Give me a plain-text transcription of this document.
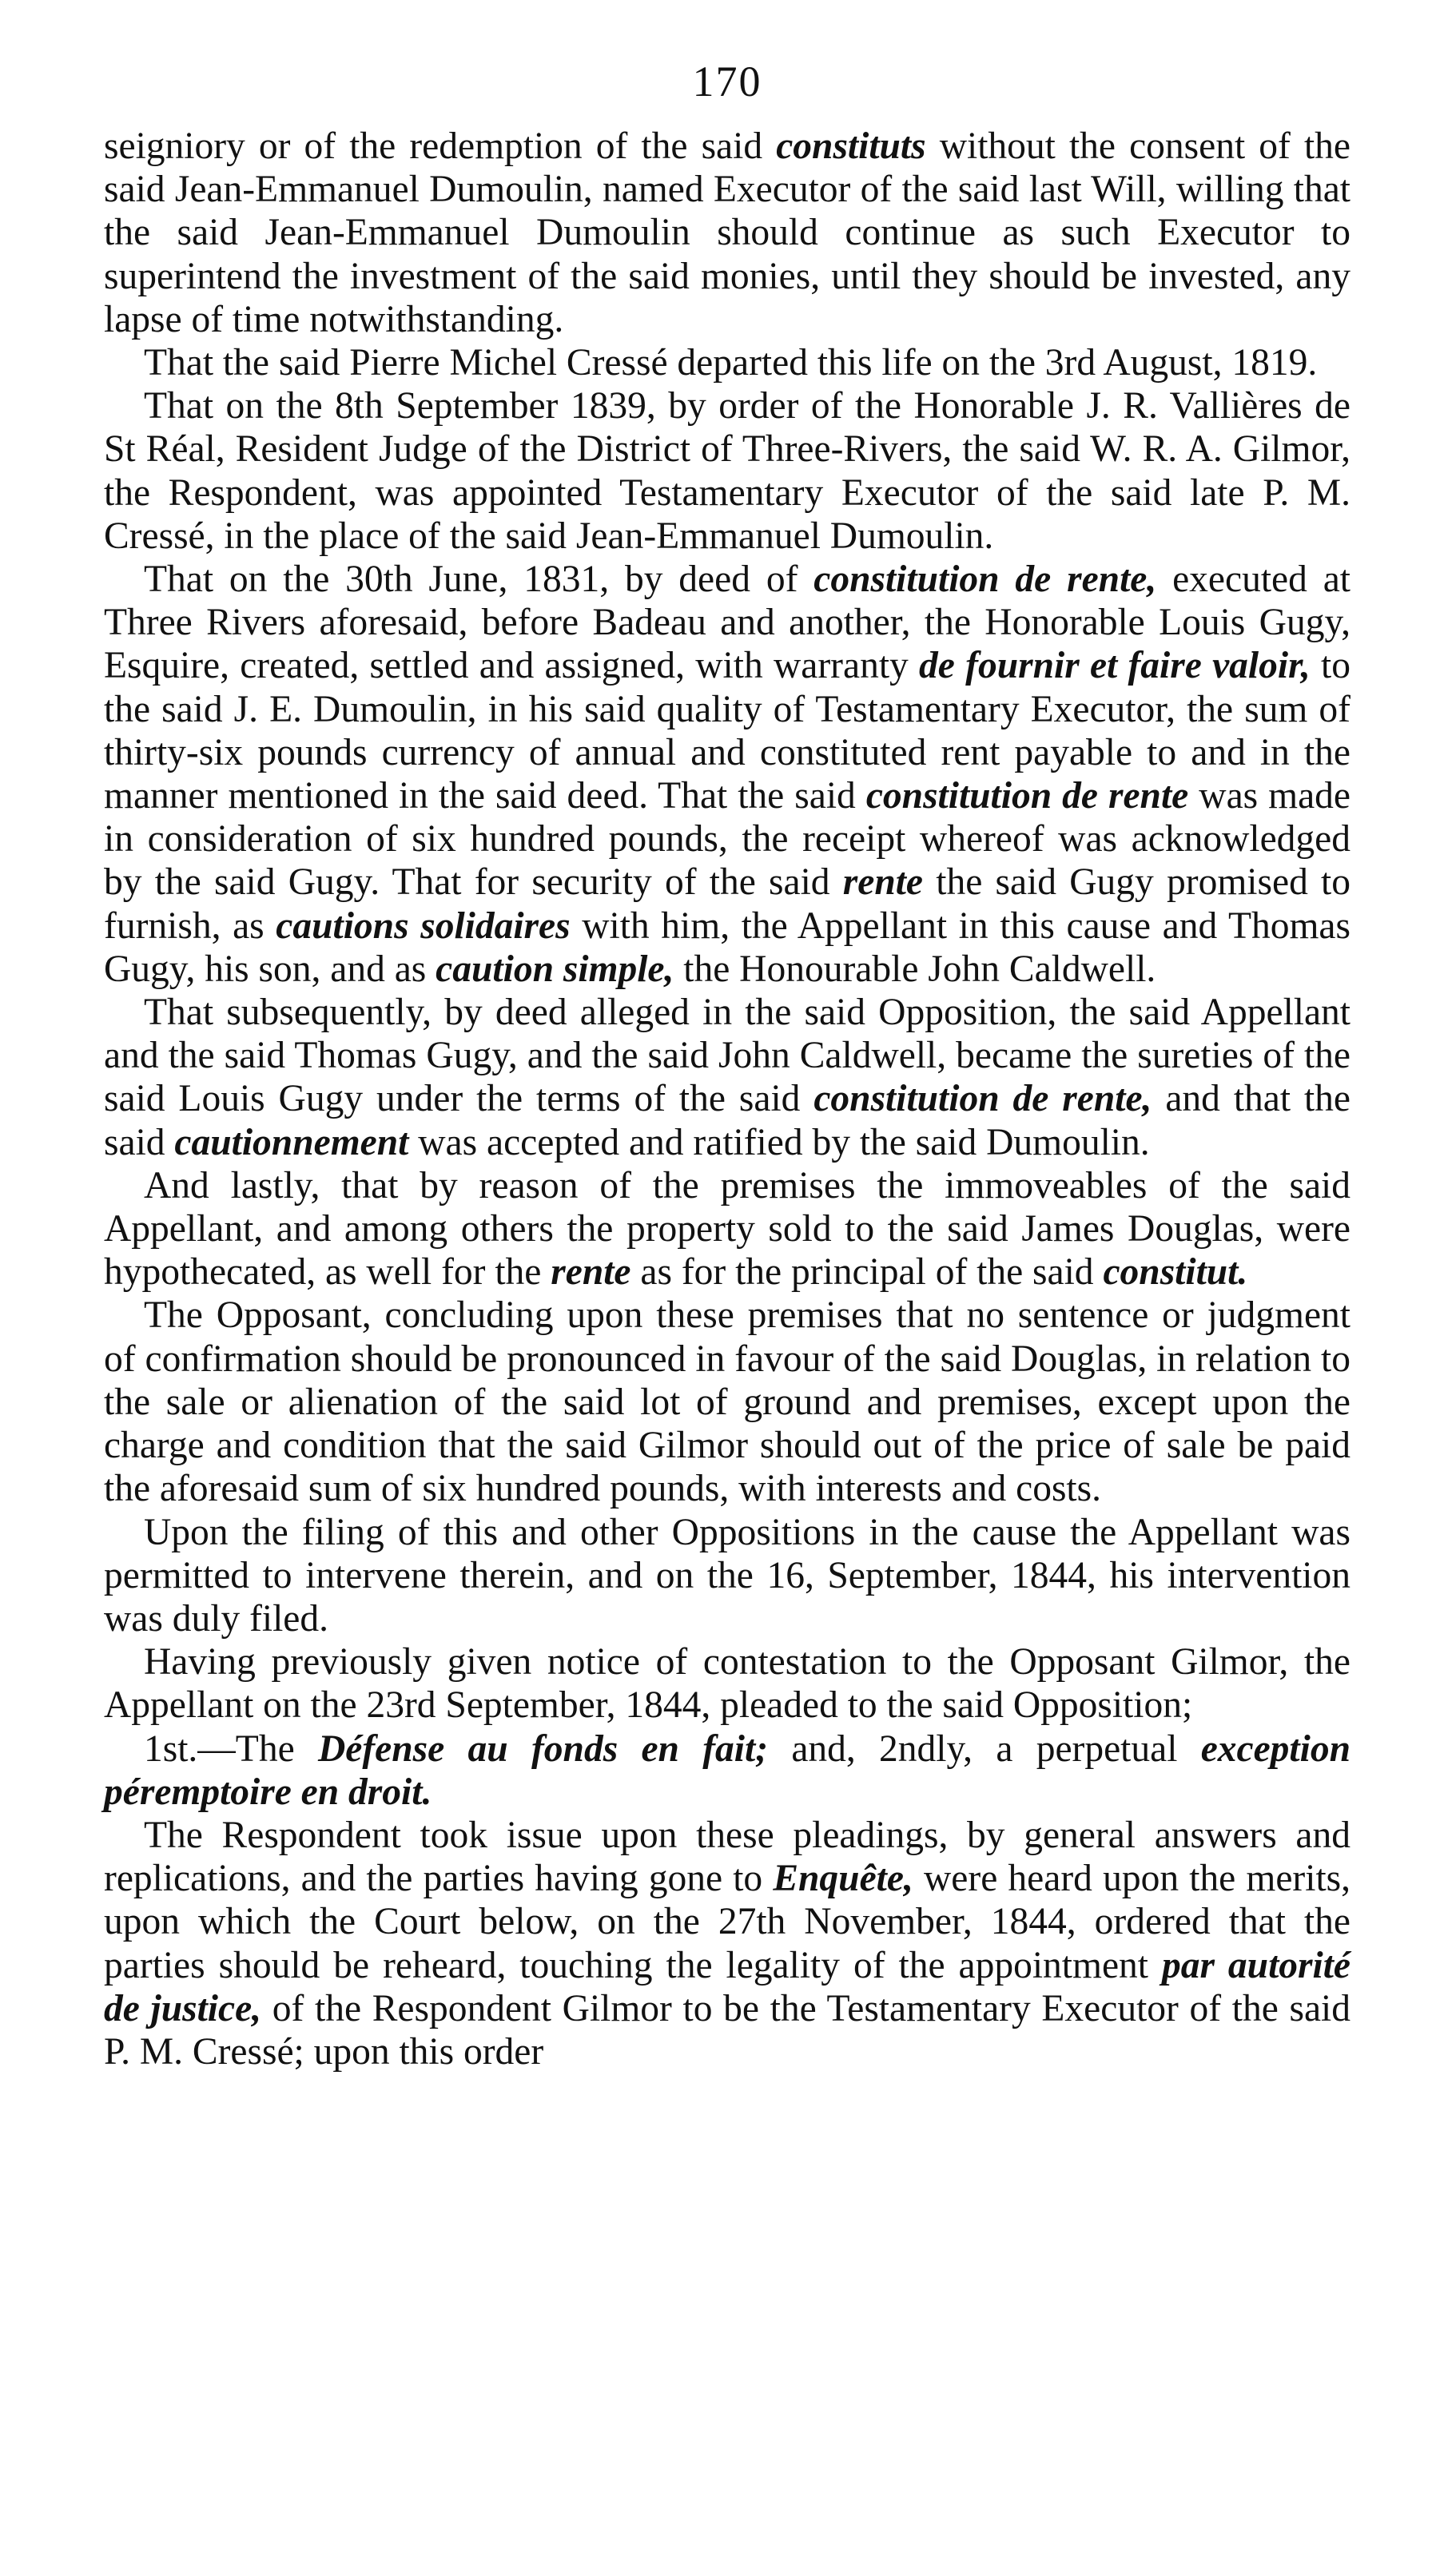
170

seigniory or of the redemption of the said constituts without the consent of the said Jean-Emmanuel Dumoulin, named Executor of the said last Will, willing that the said Jean-Emmanuel Dumoulin should continue as such Executor to superintend the investment of the said monies, until they should be invested, any lapse of time notwithstanding.

That the said Pierre Michel Cressé departed this life on the 3rd August, 1819.

That on the 8th September 1839, by order of the Honorable J. R. Vallières de St Réal, Resident Judge of the District of Three-Rivers, the said W. R. A. Gilmor, the Respondent, was appointed Testamentary Executor of the said late P. M. Cressé, in the place of the said Jean-Emmanuel Dumoulin.

That on the 30th June, 1831, by deed of constitution de rente, executed at Three Rivers aforesaid, before Badeau and another, the Honorable Louis Gugy, Esquire, created, settled and assigned, with warranty de fournir et faire valoir, to the said J. E. Dumoulin, in his said quality of Testamentary Executor, the sum of thirty-six pounds currency of annual and constituted rent payable to and in the manner mentioned in the said deed. That the said constitution de rente was made in consideration of six hundred pounds, the receipt whereof was acknowledged by the said Gugy. That for security of the said rente the said Gugy promised to furnish, as cautions solidaires with him, the Appellant in this cause and Thomas Gugy, his son, and as caution simple, the Honourable John Caldwell.

That subsequently, by deed alleged in the said Opposition, the said Appellant and the said Thomas Gugy, and the said John Caldwell, became the sureties of the said Louis Gugy under the terms of the said constitution de rente, and that the said cautionnement was accepted and ratified by the said Dumoulin.

And lastly, that by reason of the premises the immoveables of the said Appellant, and among others the property sold to the said James Douglas, were hypothecated, as well for the rente as for the principal of the said constitut.

The Opposant, concluding upon these premises that no sentence or judgment of confirmation should be pronounced in favour of the said Douglas, in relation to the sale or alienation of the said lot of ground and premises, except upon the charge and condition that the said Gilmor should out of the price of sale be paid the aforesaid sum of six hundred pounds, with interests and costs.

Upon the filing of this and other Oppositions in the cause the Appellant was permitted to intervene therein, and on the 16, September, 1844, his intervention was duly filed.

Having previously given notice of contestation to the Opposant Gilmor, the Appellant on the 23rd September, 1844, pleaded to the said Opposition;

1st.—The Défense au fonds en fait; and, 2ndly, a perpetual exception péremptoire en droit.

The Respondent took issue upon these pleadings, by general answers and replications, and the parties having gone to Enquête, were heard upon the merits, upon which the Court below, on the 27th November, 1844, ordered that the parties should be reheard, touching the legality of the appointment par autorité de justice, of the Respondent Gilmor to be the Testamentary Executor of the said P. M. Cressé; upon this order
